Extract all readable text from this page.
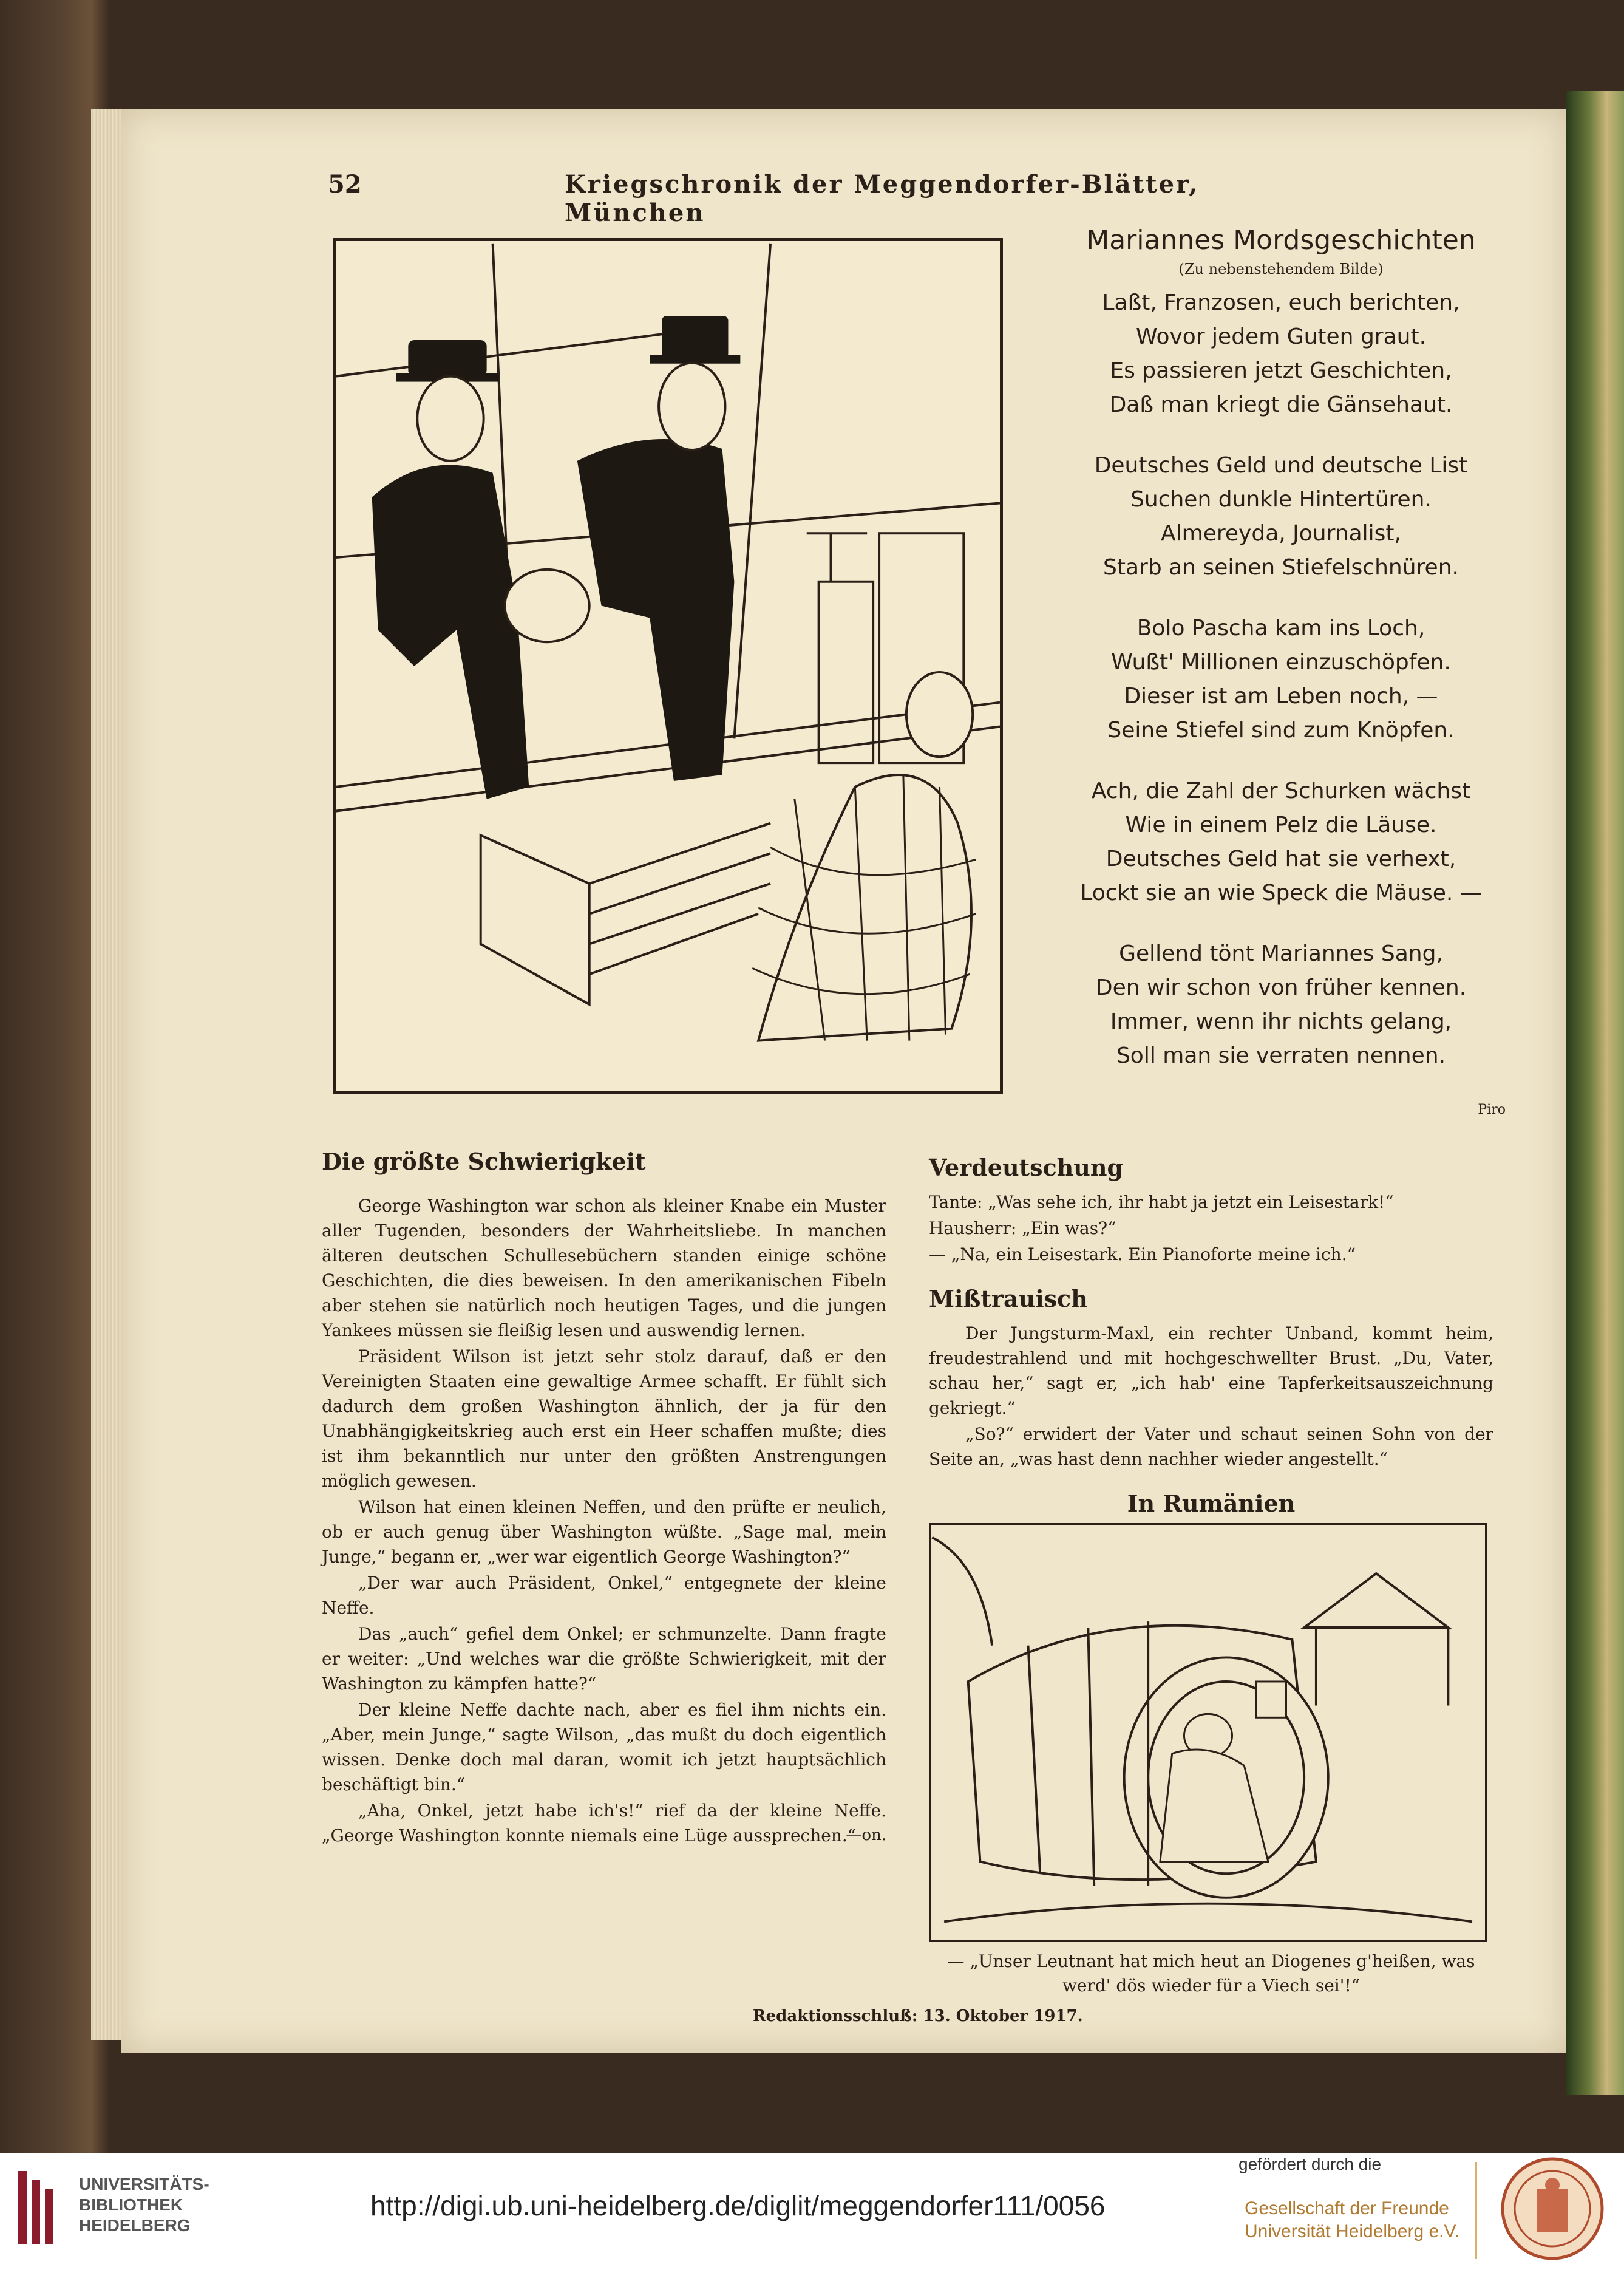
52	Kriegschronik der Meggendorfer-Blätter, München
Mariannes Mordsgeschichten
(Zu nebenstehendem Bilde)
Laßt, Franzosen, euch berichten,
Wovor jedem Guten graut.
Es passieren jetzt Geschichten,
Daß man kriegt die Gänsehaut.
Deutsches Geld und deutsche List
Suchen dunkle Hintertüren.
Almereyda, Journalist,
Starb an seinen Stiefelschnüren.
Bolo Pascha kam ins Loch,
Wußt' Millionen einzuschöpfen.
Dieser ist am Leben noch, —
Seine Stiefel sind zum Knöpfen.
Ach, die Zahl der Schurken wächst
Wie in einem Pelz die Läuse.
Deutsches Geld hat sie verhext,
Lockt sie an wie Speck die Mäuse. —
Gellend tönt Mariannes Sang,
Den wir schon von früher kennen.
Immer, wenn ihr nichts gelang,
Soll man sie verraten nennen.
Piro
Die größte Schwierigkeit

George Washington war schon als kleiner Knabe ein Muster aller Tugenden, besonders der Wahrheitsliebe. In manchen älteren deutschen Schullesebüchern standen einige schöne Geschichten, die dies beweisen. In den amerikanischen Fibeln aber stehen sie natürlich noch heutigen Tages, und die jungen Yankees müssen sie fleißig lesen und auswendig lernen.

Präsident Wilson ist jetzt sehr stolz darauf, daß er den Vereinigten Staaten eine gewaltige Armee schafft. Er fühlt sich dadurch dem großen Washington ähnlich, der ja für den Unabhängigkeitskrieg auch erst ein Heer schaffen mußte; dies ist ihm bekanntlich nur unter den größten Anstrengungen möglich gewesen.

Wilson hat einen kleinen Neffen, und den prüfte er neulich, ob er auch genug über Washington wüßte. „Sage mal, mein Junge,“ begann er, „wer war eigentlich George Washington?“

„Der war auch Präsident, Onkel,“ entgegnete der kleine Neffe.

Das „auch“ gefiel dem Onkel; er schmunzelte. Dann fragte er weiter: „Und welches war die größte Schwierigkeit, mit der Washington zu kämpfen hatte?“

Der kleine Neffe dachte nach, aber es fiel ihm nichts ein. „Aber, mein Junge,“ sagte Wilson, „das mußt du doch eigentlich wissen. Denke doch mal daran, womit ich jetzt hauptsächlich beschäftigt bin.“

„Aha, Onkel, jetzt habe ich's!“ rief da der kleine Neffe. „George Washington konnte niemals eine Lüge aussprechen.“

—on.
Verdeutschung

Tante: „Was sehe ich, ihr habt ja jetzt ein Leisestark!“

Hausherr: „Ein was?“

— „Na, ein Leisestark. Ein Pianoforte meine ich.“

Mißtrauisch

Der Jungsturm-Maxl, ein rechter Unband, kommt heim, freudestrahlend und mit hochgeschwellter Brust. „Du, Vater, schau her,“ sagt er, „ich hab' eine Tapferkeitsauszeichnung gekriegt.“

„So?“ erwidert der Vater und schaut seinen Sohn von der Seite an, „was hast denn nachher wieder angestellt.“

In Rumänien
— „Unser Leutnant hat mich heut an Diogenes g'heißen, was werd' dös wieder für a Viech sei'!“
Redaktionsschluß: 13. Oktober 1917.
UNIVERSITÄTS-
BIBLIOTHEK
HEIDELBERG
http://digi.ub.uni-heidelberg.de/diglit/meggendorfer111/0056
gefördert durch die
Gesellschaft der Freunde
Universität Heidelberg e.V.
